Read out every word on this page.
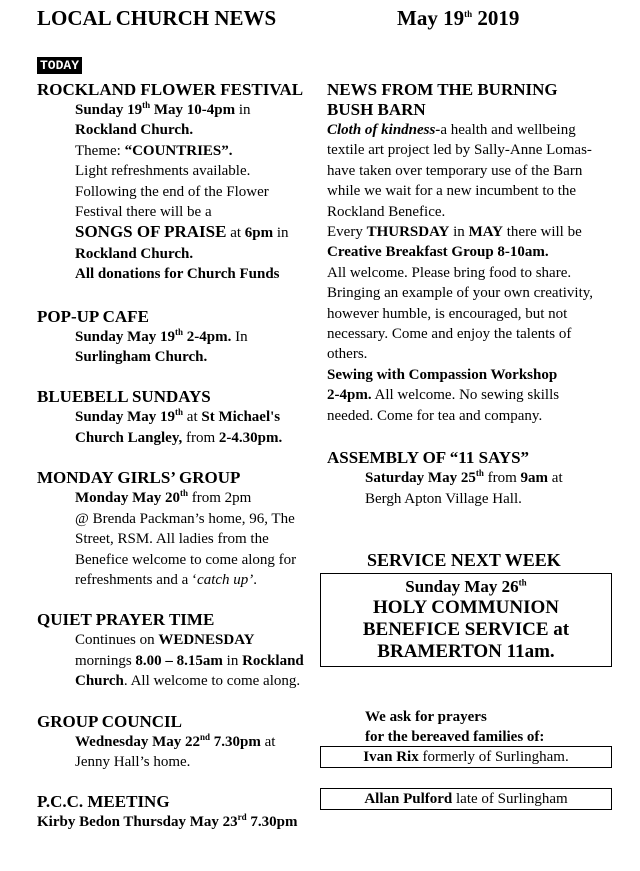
LOCAL CHURCH NEWS	May 19th 2019
TODAY

ROCKLAND FLOWER FESTIVAL

Sunday 19th May 10-4pm in

Rockland Church.

Theme: “COUNTRIES”.

Light refreshments available.

Following the end of the Flower

Festival there will be a

SONGS OF PRAISE at 6pm in

Rockland Church.

All donations for Church Funds

POP-UP CAFE

Sunday May 19th 2-4pm. In

Surlingham Church.

BLUEBELL SUNDAYS

Sunday May 19th at St Michael's

Church Langley, from 2-4.30pm.

MONDAY GIRLS’ GROUP

Monday May 20th from 2pm

@ Brenda Packman’s home, 96, The

Street, RSM. All ladies from the

Benefice welcome to come along for

refreshments and a ‘catch up’.

QUIET PRAYER TIME

Continues on WEDNESDAY

mornings 8.00 – 8.15am in Rockland

Church. All welcome to come along.

GROUP COUNCIL

Wednesday May 22nd 7.30pm at

Jenny Hall’s home.

P.C.C. MEETING

Kirby Bedon Thursday May 23rd 7.30pm

NEWS FROM THE BURNING

BUSH BARN

Cloth of kindness-a health and wellbeing

textile art project led by Sally-Anne Lomas-

have taken over temporary use of the Barn

while we wait for a new incumbent to the

Rockland Benefice.

Every THURSDAY in MAY there will be

Creative Breakfast Group 8-10am.

All welcome. Please bring food to share.

Bringing an example of your own creativity,

however humble, is encouraged, but not

necessary. Come and enjoy the talents of

others.

Sewing with Compassion Workshop

2-4pm. All welcome. No sewing skills

needed. Come for tea and company.

ASSEMBLY OF “11 SAYS”

Saturday May 25th from 9am at

Bergh Apton Village Hall.

SERVICE NEXT WEEK
Sunday May 26th
HOLY COMMUNION
BENEFICE SERVICE at
BRAMERTON 11am.

We ask for prayers

for the bereaved families of:

Ivan Rix formerly of Surlingham.
Allan Pulford late of Surlingham
